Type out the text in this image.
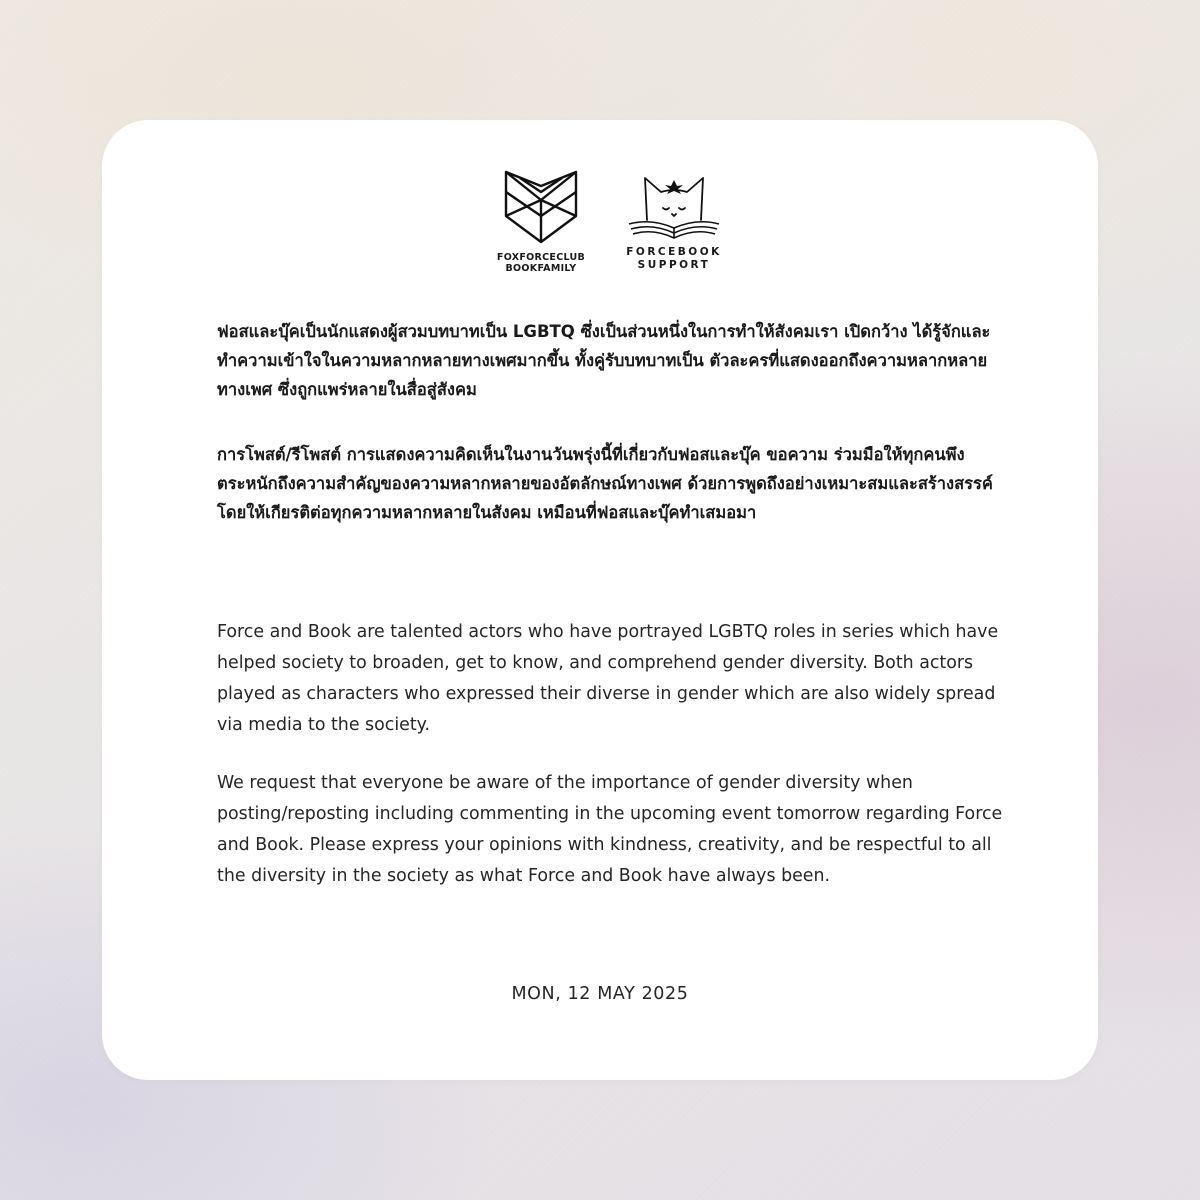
FOXFORCECLUB
BOOKFAMILY
FORCEBOOK
SUPPORT

ฟอสและบุ๊คเป็นนักแสดงผู้สวมบทบาทเป็น LGBTQ ซึ่งเป็นส่วนหนึ่งในการทำให้สังคมเรา เปิดกว้าง ได้รู้จักและทำความเข้าใจในความหลากหลายทางเพศมากขึ้น ทั้งคู่รับบทบาทเป็น ตัวละครที่แสดงออกถึงความหลากหลายทางเพศ ซึ่งถูกแพร่หลายในสื่อสู่สังคม

การโพสต์/รีโพสต์ การแสดงความคิดเห็นในงานวันพรุ่งนี้ที่เกี่ยวกับฟอสและบุ๊ค ขอความ ร่วมมือให้ทุกคนพึงตระหนักถึงความสำคัญของความหลากหลายของอัตลักษณ์ทางเพศ ด้วยการพูดถึงอย่างเหมาะสมและสร้างสรรค์ โดยให้เกียรติต่อทุกความหลากหลายในสังคม เหมือนที่ฟอสและบุ๊คทำเสมอมา

Force and Book are talented actors who have portrayed LGBTQ roles in series which have helped society to broaden, get to know, and comprehend gender diversity. Both actors played as characters who expressed their diverse in gender which are also widely spread via media to the society.

We request that everyone be aware of the importance of gender diversity when posting/reposting including commenting in the upcoming event tomorrow regarding Force and Book. Please express your opinions with kindness, creativity, and be respectful to all the diversity in the society as what Force and Book have always been.

MON, 12 MAY 2025
